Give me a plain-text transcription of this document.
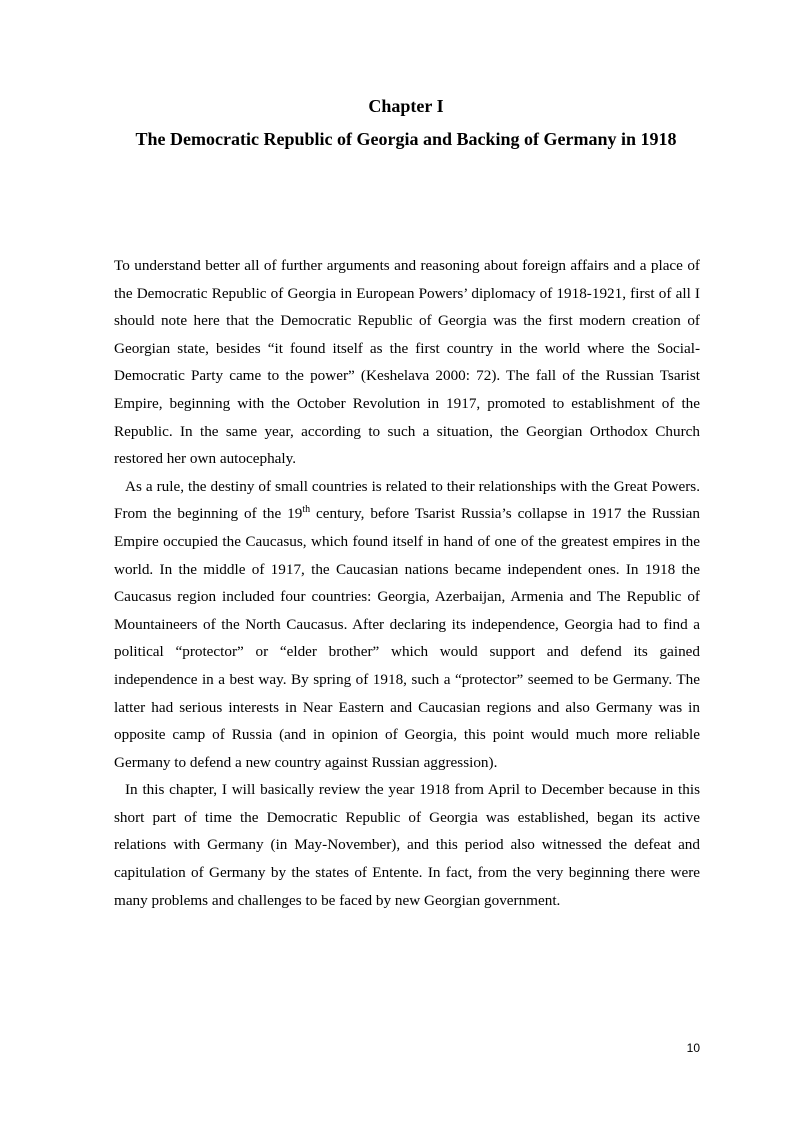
Chapter I
The Democratic Republic of Georgia and Backing of Germany in 1918

To understand better all of further arguments and reasoning about foreign affairs and a place of the Democratic Republic of Georgia in European Powers’ diplomacy of 1918-1921, first of all I should note here that the Democratic Republic of Georgia was the first modern creation of Georgian state, besides “it found itself as the first country in the world where the Social-Democratic Party came to the power” (Keshelava 2000: 72). The fall of the Russian Tsarist Empire, beginning with the October Revolution in 1917, promoted to establishment of the Republic. In the same year, according to such a situation, the Georgian Orthodox Church restored her own autocephaly.

As a rule, the destiny of small countries is related to their relationships with the Great Powers. From the beginning of the 19th century, before Tsarist Russia’s collapse in 1917 the Russian Empire occupied the Caucasus, which found itself in hand of one of the greatest empires in the world. In the middle of 1917, the Caucasian nations became independent ones. In 1918 the Caucasus region included four countries: Georgia, Azerbaijan, Armenia and The Republic of Mountaineers of the North Caucasus. After declaring its independence, Georgia had to find a political “protector” or “elder brother” which would support and defend its gained independence in a best way. By spring of 1918, such a “protector” seemed to be Germany. The latter had serious interests in Near Eastern and Caucasian regions and also Germany was in opposite camp of Russia (and in opinion of Georgia, this point would much more reliable Germany to defend a new country against Russian aggression).

In this chapter, I will basically review the year 1918 from April to December because in this short part of time the Democratic Republic of Georgia was established, began its active relations with Germany (in May-November), and this period also witnessed the defeat and capitulation of Germany by the states of Entente. In fact, from the very beginning there were many problems and challenges to be faced by new Georgian government.

10
